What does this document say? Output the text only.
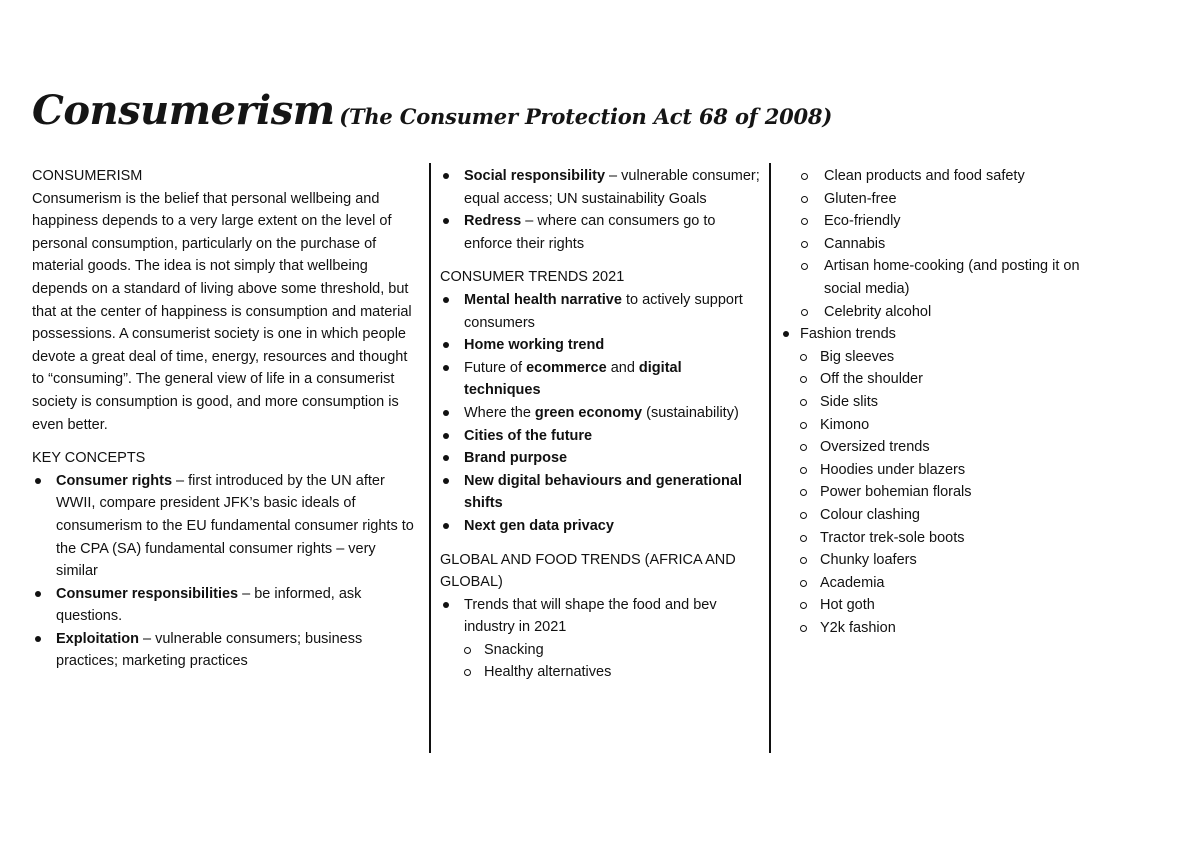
Consumerism (The Consumer Protection Act 68 of 2008)
CONSUMERISM

Consumerism is the belief that personal wellbeing and happiness depends to a very large extent on the level of personal consumption, particularly on the purchase of material goods. The idea is not simply that wellbeing depends on a standard of living above some threshold, but that at the center of happiness is consumption and material possessions. A consumerist society is one in which people devote a great deal of time, energy, resources and thought to “consuming”. The general view of life in a consumerist society is consumption is good, and more consumption is even better.

KEY CONCEPTS
Consumer rights – first introduced by the UN after WWII, compare president JFK’s basic ideals of consumerism to the EU fundamental consumer rights to the CPA (SA) fundamental consumer rights – very similar
Consumer responsibilities – be informed, ask questions.
Exploitation – vulnerable consumers; business practices; marketing practices
Social responsibility – vulnerable consumer; equal access; UN sustainability Goals
Redress – where can consumers go to enforce their rights
CONSUMER TRENDS 2021
Mental health narrative to actively support consumers
Home working trend
Future of ecommerce and digital techniques
Where the green economy (sustainability)
Cities of the future
Brand purpose
New digital behaviours and generational shifts
Next gen data privacy
GLOBAL AND FOOD TRENDS (AFRICA AND GLOBAL)
Trends that will shape the food and bev industry in 2021
Snacking
Healthy alternatives
Clean products and food safety
Gluten-free
Eco-friendly
Cannabis
Artisan home-cooking (and posting it on social media)
Celebrity alcohol
Fashion trends
Big sleeves
Off the shoulder
Side slits
Kimono
Oversized trends
Hoodies under blazers
Power bohemian florals
Colour clashing
Tractor trek-sole boots
Chunky loafers
Academia
Hot goth
Y2k fashion
